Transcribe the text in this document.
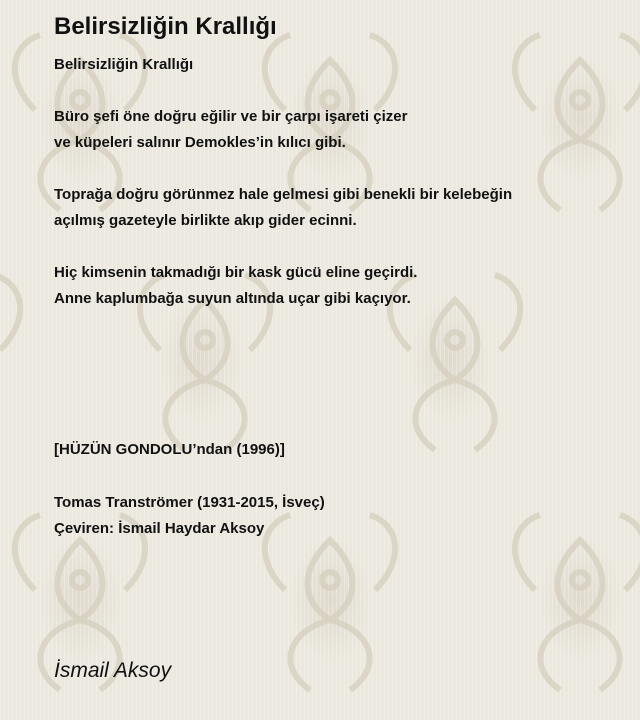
Belirsizliğin Krallığı

Belirsizliğin Krallığı

Büro şefi öne doğru eğilir ve bir çarpı işareti çizer

ve küpeleri salınır Demokles’in kılıcı gibi.

Toprağa doğru görünmez hale gelmesi gibi benekli bir kelebeğin

açılmış gazeteyle birlikte akıp gider ecinni.

Hiç kimsenin takmadığı bir kask gücü eline geçirdi.

Anne kaplumbağa suyun altında uçar gibi kaçıyor.

[HÜZÜN GONDOLU’ndan (1996)]

Tomas Tranströmer (1931-2015, İsveç)

Çeviren: İsmail Haydar Aksoy

İsmail Aksoy
